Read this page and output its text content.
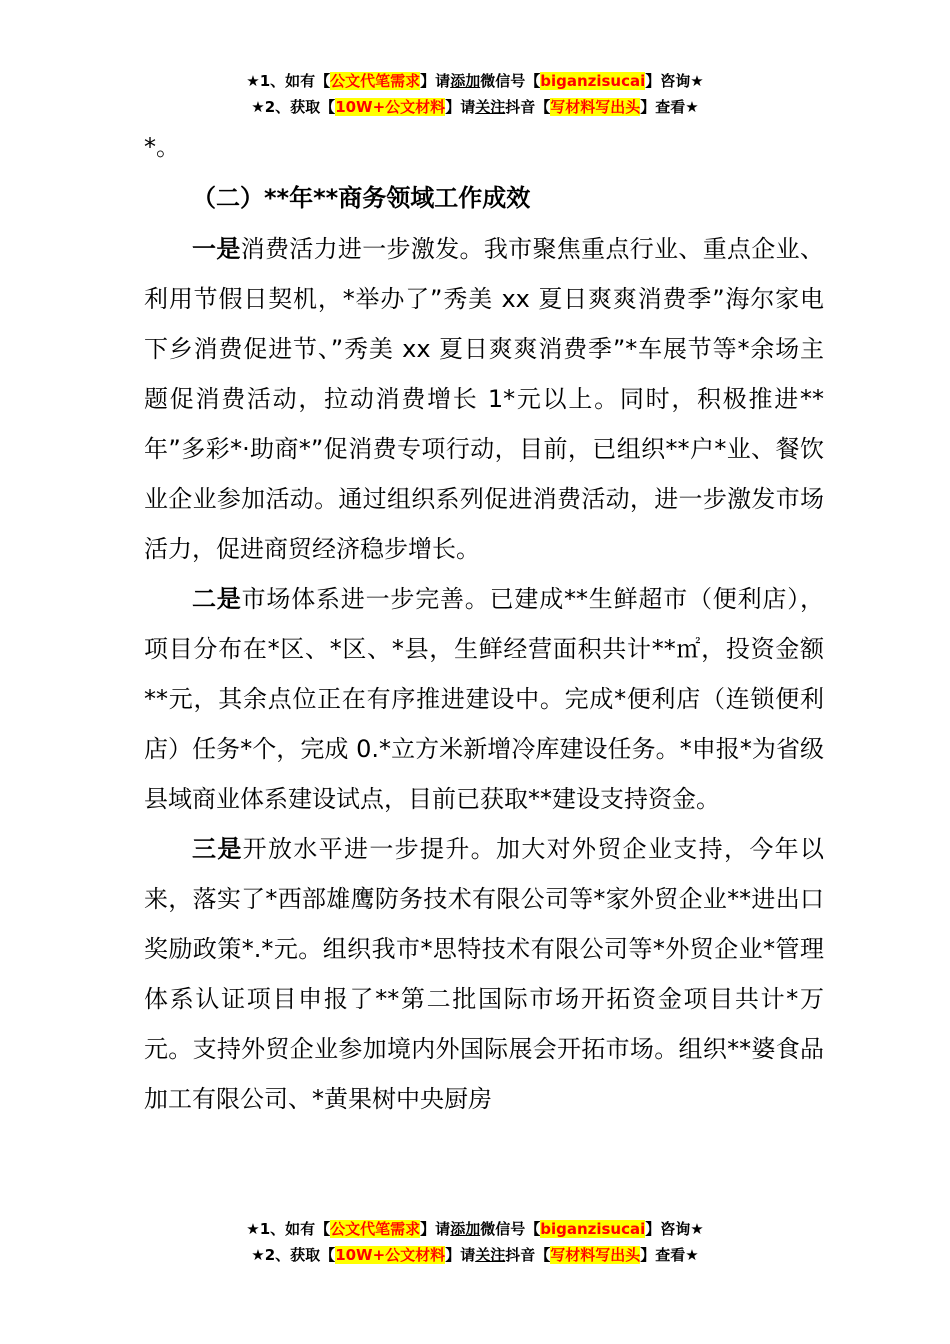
★1、如有【公文代笔需求】请添加微信号【biganzisucai】咨询★
★2、获取【10W+公文材料】请关注抖音【写材料写出头】查看★

*。

（二）**年**商务领域工作成效

一是消费活力进一步激发。我市聚焦重点行业、重点企业、利用节假日契机，*举办了”秀美 xx 夏日爽爽消费季”海尔家电下乡消费促进节、”秀美 xx 夏日爽爽消费季”*车展节等*余场主题促消费活动，拉动消费增长 1*元以上。同时，积极推进**年”多彩*·助商*”促消费专项行动，目前，已组织**户*业、餐饮业企业参加活动。通过组织系列促进消费活动，进一步激发市场活力，促进商贸经济稳步增长。

二是市场体系进一步完善。已建成**生鲜超市（便利店），项目分布在*区、*区、*县，生鲜经营面积共计**㎡，投资金额**元，其余点位正在有序推进建设中。完成*便利店（连锁便利店）任务*个，完成 0.*立方米新增冷库建设任务。*申报*为省级县域商业体系建设试点，目前已获取**建设支持资金。

三是开放水平进一步提升。加大对外贸企业支持，今年以来，落实了*西部雄鹰防务技术有限公司等*家外贸企业**进出口奖励政策*.*元。组织我市*思特技术有限公司等*外贸企业*管理体系认证项目申报了**第二批国际市场开拓资金项目共计*万元。支持外贸企业参加境内外国际展会开拓市场。组织**婆食品加工有限公司、*黄果树中央厨房

★1、如有【公文代笔需求】请添加微信号【biganzisucai】咨询★
★2、获取【10W+公文材料】请关注抖音【写材料写出头】查看★
